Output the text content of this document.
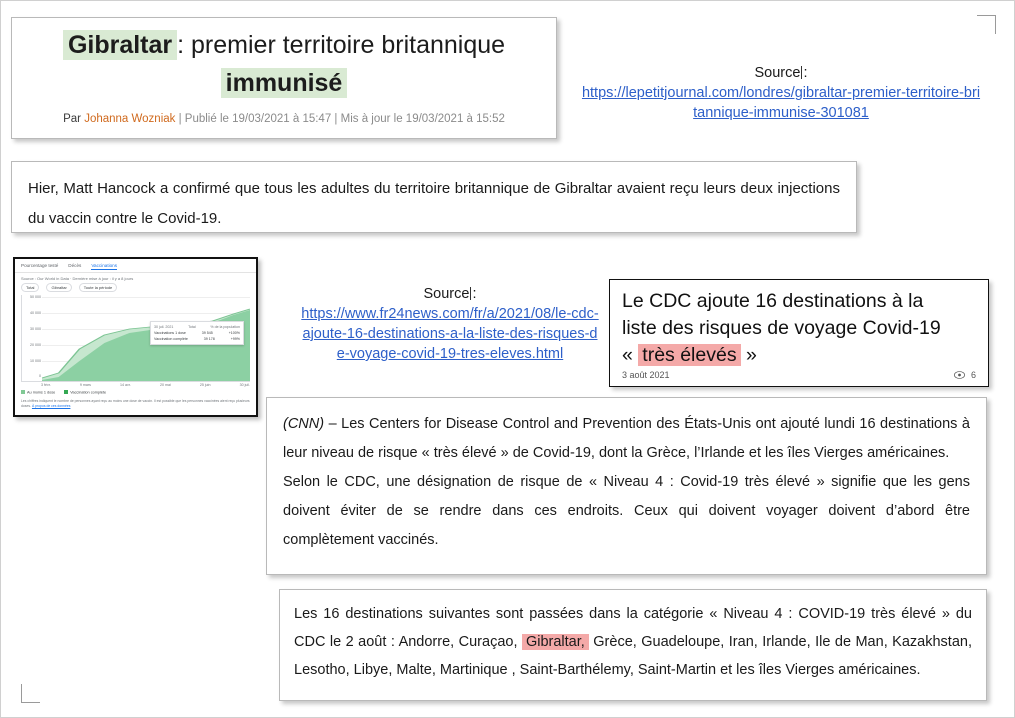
Gibraltar : premier territoire britannique
immunisé
Par Johanna Wozniak | Publié le 19/03/2021 à 15:47 | Mis à jour le 19/03/2021 à 15:52
Source :
https://lepetitjournal.com/londres/gibraltar-premier-territoire-britannique-immunise-301081

Hier, Matt Hancock a confirmé que tous les adultes du territoire britannique de Gibraltar avaient reçu leurs deux injections du vaccin contre le Covid-19.

Pourcentage testé Décès Vaccinations
Source : Our World in Data · Dernière mise à jour : il y a 8 jours
Total	Gibraltar	Toute la période
50 000
40 000
30 000
20 000
10 000
0
30 juil. 2021	Total	% de la population
Vaccinations 1 dose	39 545	+100%
Vaccination complète	39 178	+99%
3 févr.	9 mars	14 avr.	20 mai	25 juin	30 juil.
Au moins 1 dose	Vaccination complète
Les chiffres indiquent le nombre de personnes ayant reçu au moins une dose de vaccin. Il est possible que les personnes vaccinées aient reçu plusieurs doses. À propos de ces données
Source :
https://www.fr24news.com/fr/a/2021/08/le-cdc-ajoute-16-destinations-a-la-liste-des-risques-de-voyage-covid-19-tres-eleves.html
Le CDC ajoute 16 destinations à la
liste des risques de voyage Covid-19
« très élevés »
3 août 2021	6

(CNN) – Les Centers for Disease Control and Prevention des États-Unis ont ajouté lundi 16 destinations à leur niveau de risque « très élevé » de Covid-19, dont la Grèce, l’Irlande et les îles Vierges américaines.

Selon le CDC, une désignation de risque de « Niveau 4 : Covid-19 très élevé » signifie que les gens doivent éviter de se rendre dans ces endroits. Ceux qui doivent voyager doivent d’abord être complètement vaccinés.

Les 16 destinations suivantes sont passées dans la catégorie « Niveau 4 : COVID-19 très élevé » du CDC le 2 août : Andorre, Curaçao, Gibraltar, Grèce, Guadeloupe, Iran, Irlande, Ile de Man, Kazakhstan, Lesotho, Libye, Malte, Martinique , Saint-Barthélemy, Saint-Martin et les îles Vierges américaines.
